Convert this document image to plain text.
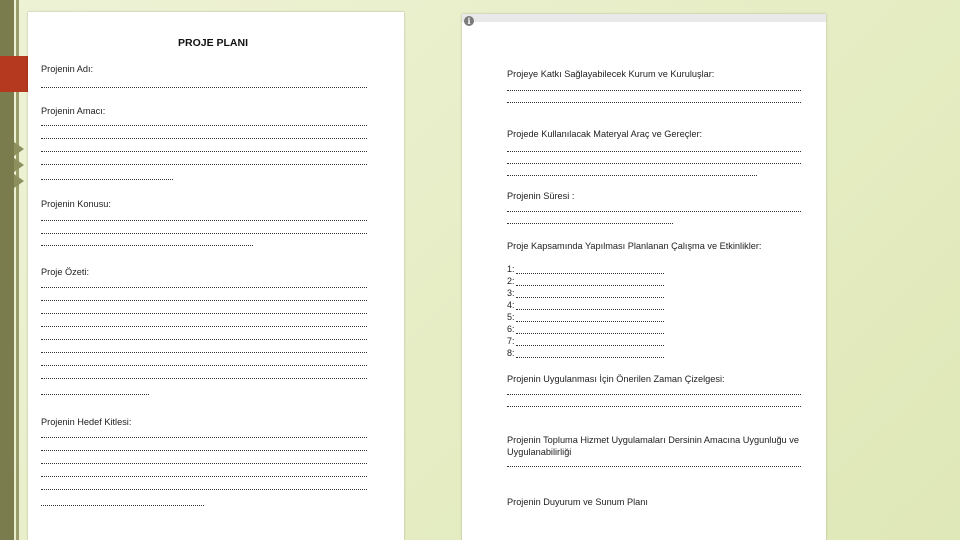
PROJE PLANI
Projenin Adı:
Projenin Amacı:
Projenin Konusu:
Proje Özeti:
Projenin Hedef Kitlesi:
i
Projeye Katkı Sağlayabilecek Kurum ve Kuruluşlar:
Projede Kullanılacak Materyal Araç ve Gereçler:
Projenin Süresi :
Proje Kapsamında Yapılması Planlanan Çalışma ve Etkinlikler:
1:
2:
3:
4:
5:
6:
7:
8:
Projenin Uygulanması İçin Önerilen Zaman Çizelgesi:
Projenin Topluma Hizmet Uygulamaları Dersinin Amacına Uygunluğu ve
Uygulanabilirliği
Projenin Duyurum ve Sunum Planı
